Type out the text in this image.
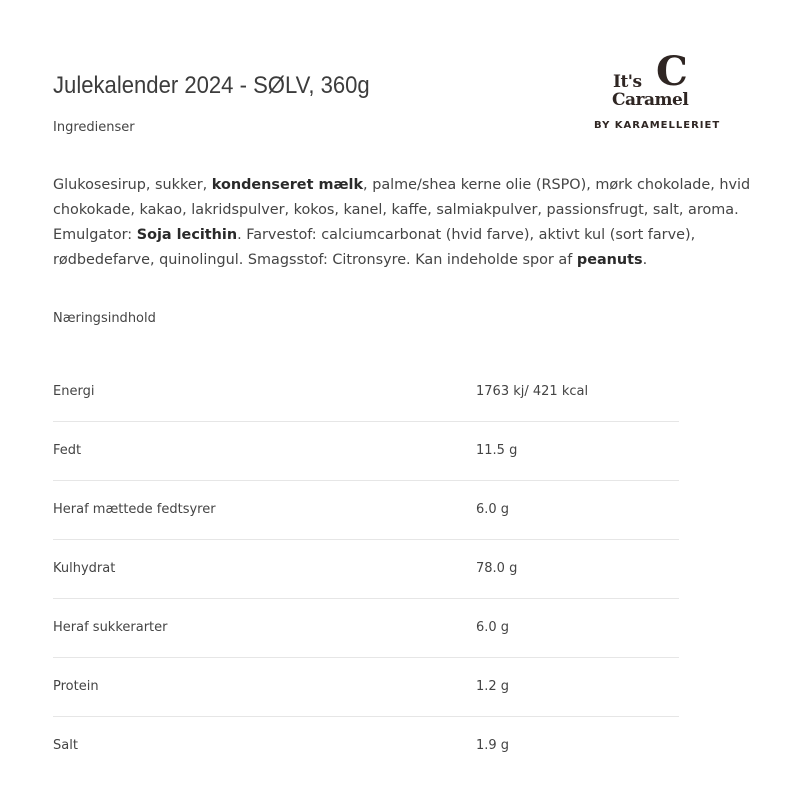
Julekalender 2024 - SØLV, 360g
Ingredienser
It's C
Caramel
BY KARAMELLERIET
Glukosesirup, sukker, kondenseret mælk, palme/shea kerne olie (RSPO), mørk chokolade, hvid chokokade, kakao, lakridspulver, kokos, kanel, kaffe, salmiakpulver, passionsfrugt, salt, aroma. Emulgator: Soja lecithin. Farvestof: calciumcarbonat (hvid farve), aktivt kul (sort farve), rødbedefarve, quinolingul. Smagsstof: Citronsyre. Kan indeholde spor af peanuts.
Næringsindhold
Energi	1763 kj/ 421 kcal
Fedt	11.5 g
Heraf mættede fedtsyrer	6.0 g
Kulhydrat	78.0 g
Heraf sukkerarter	6.0 g
Protein	1.2 g
Salt	1.9 g
